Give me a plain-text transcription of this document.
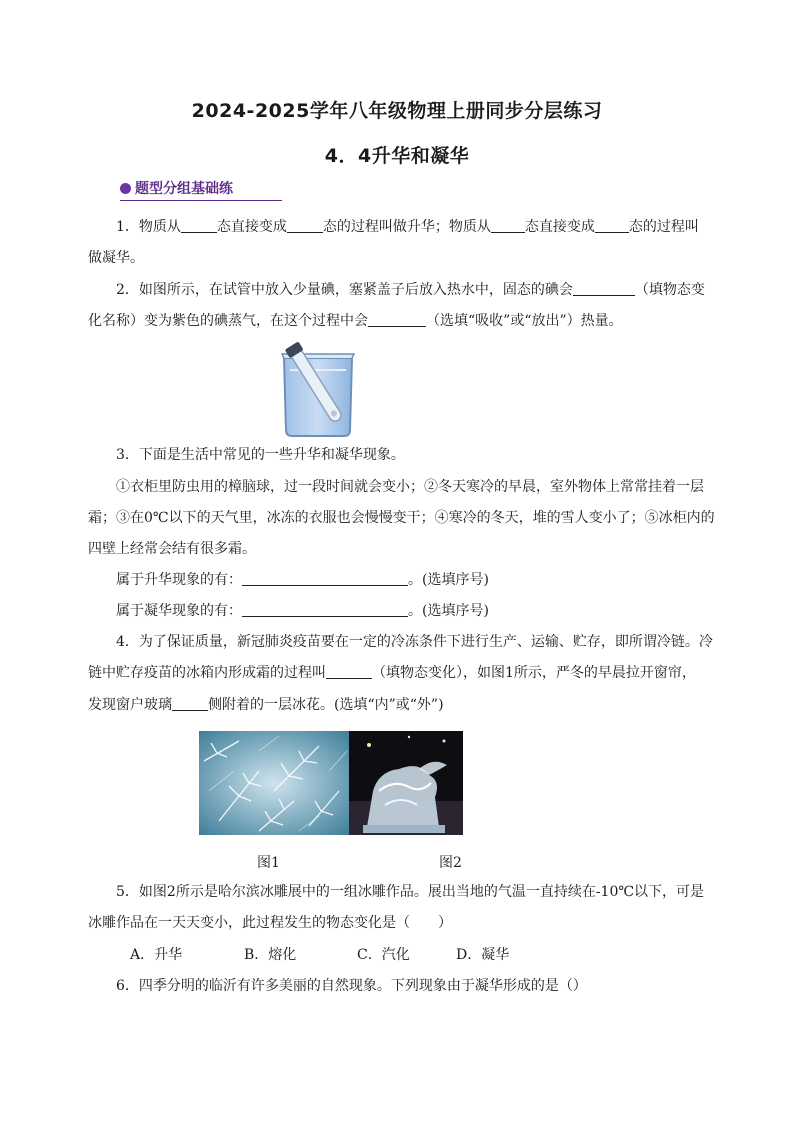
2024-2025学年八年级物理上册同步分层练习
4．4升华和凝华
题型分组基础练
1．物质从	态直接变成	态的过程叫做升华；物质从 态直接变成 态的过程叫
做凝华。
2．如图所示，在试管中放入少量碘，塞紧盖子后放入热水中，固态的碘会	（填物态变
化名称）变为紫色的碘蒸气，在这个过程中会	（选填“吸收”或“放出”）热量。
3．下面是生活中常见的一些升华和凝华现象。
①衣柜里防虫用的樟脑球，过一段时间就会变小；②冬天寒冷的早晨，室外物体上常常挂着一层
霜；③在0℃以下的天气里，冰冻的衣服也会慢慢变干；④寒冷的冬天，堆的雪人变小了；⑤冰柜内的
四壁上经常会结有很多霜。
属于升华现象的有：	。(选填序号)
属于凝华现象的有：	。(选填序号)
4．为了保证质量，新冠肺炎疫苗要在一定的冷冻条件下进行生产、运输、贮存，即所谓冷链。冷
链中贮存疫苗的冰箱内形成霜的过程叫	（填物态变化），如图1所示，严冬的早晨拉开窗帘，
发现窗户玻璃	侧附着的一层冰花。(选填“内”或“外”)
图1	图2
5．如图2所示是哈尔滨冰雕展中的一组冰雕作品。展出当地的气温一直持续在-10℃以下，可是
冰雕作品在一天天变小，此过程发生的物态变化是（　　）
A．升华	B．熔化	C．汽化	D．凝华
6．四季分明的临沂有许多美丽的自然现象。下列现象由于凝华形成的是（）
